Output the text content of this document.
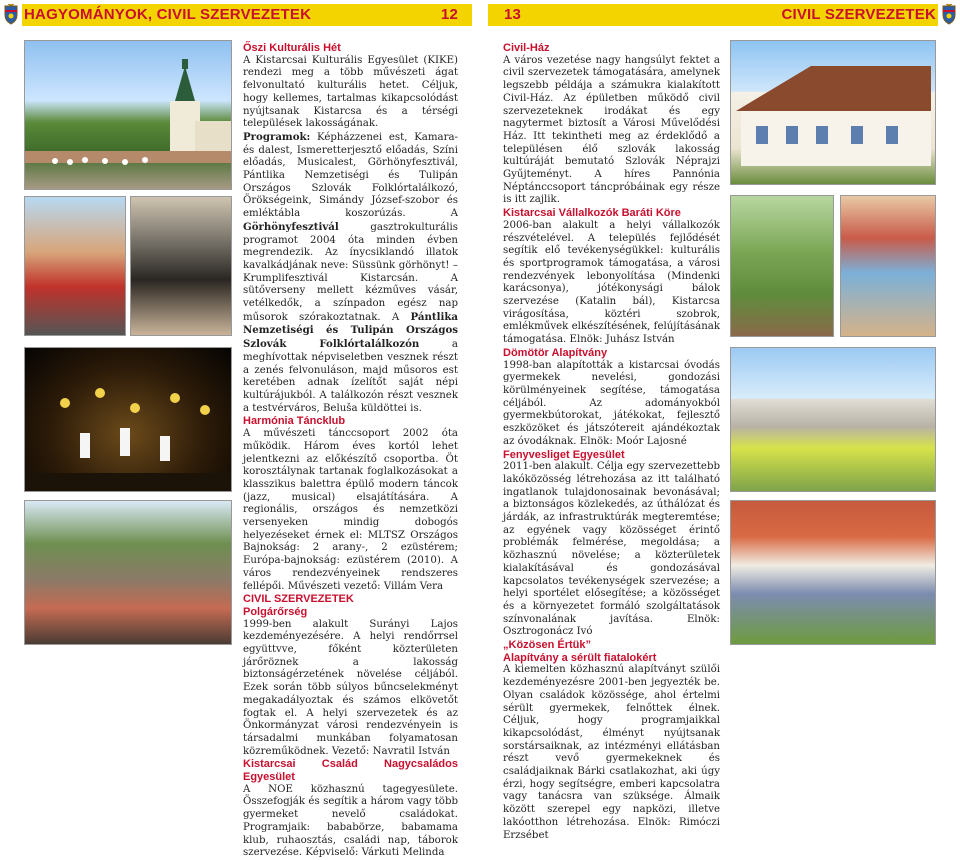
HAGYOMÁNYOK, CIVIL SZERVEZETEK	12	13	CIVIL SZERVEZETEK

Őszi Kulturális Hét

A Kistarcsai Kulturális Egyesület (KIKE) rendezi meg a több művészeti ágat felvonultató kulturális hetet. Céljuk, hogy kellemes, tartalmas kikapcsolódást nyújtsanak Kistarcsa és a térségi települések lakosságának.

Programok: Képházzenei est, Kamara-és dalest, Ismeretterjesztő előadás, Színi előadás, Musicalest, Görhönyfesztivál, Pántlika Nemzetiségi és Tulipán Országos Szlovák Folklórtalálkozó, Örökségeink, Simándy József-szobor és emléktábla koszorúzás. A Görhönyfesztivál gasztrokulturális programot 2004 óta minden évben megrendezik. Az ínycsiklandó illatok kavalkádjának neve: Süssünk görhönyt! – Krumplifesztivál Kistarcsán. A sütőverseny mellett kézműves vásár, vetélkedők, a színpadon egész nap műsorok szórakoztatnak. A Pántlika Nemzetiségi és Tulipán Országos Szlovák Folklórtalálkozón a meghívottak népviseletben vesznek részt a zenés felvonuláson, majd műsoros est keretében adnak ízelítőt saját népi kultúrájukból. A találkozón részt vesznek a testvérváros, Beluša küldöttei is.

Harmónia Táncklub

A művészeti tánccsoport 2002 óta működik. Három éves kortól lehet jelentkezni az előkészítő csoportba. Öt korosztálynak tartanak foglalkozásokat a klasszikus balettra épülő modern táncok (jazz, musical) elsajátítására. A regionális, országos és nemzetközi versenyeken mindig dobogós helyezéseket érnek el: MLTSZ Országos Bajnokság: 2 arany-, 2 ezüstérem; Európa-bajnokság: ezüstérem (2010). A város rendezvényeinek rendszeres fellépői. Művészeti vezető: Villám Vera

CIVIL SZERVEZETEK

Polgárőrség

1999-ben alakult Surányi Lajos kezdeményezésére. A helyi rendőrrsel együttvve, főként közterületen járőröznek a lakosság biztonságérzetének növelése céljából. Ezek során több súlyos bűncselekményt megakadályoztak és számos elkövetőt fogtak el. A helyi szervezetek és az Önkormányzat városi rendezvényein is társadalmi munkában folyamatosan közreműködnek. Vezető: Navratil István

Kistarcsai Család Nagycsaládos Egyesület

A NOE közhasznú tagegyesülete. Összefogják és segítik a három vagy több gyermeket nevelő családokat. Programjaik: bababörze, babamama klub, ruhaosztás, családi nap, táborok szervezése. Képviselő: Várkuti Melinda

Civil-Ház

A város vezetése nagy hangsúlyt fektet a civil szervezetek támogatására, amelynek legszebb példája a számukra kialakított Civil-Ház. Az épületben működő civil szervezeteknek irodákat és egy nagytermet biztosít a Városi Művelődési Ház. Itt tekintheti meg az érdeklődő a településen élő szlovák lakosság kultúráját bemutató Szlovák Néprajzi Gyűjteményt. A híres Pannónia Néptánccsoport táncpróbáinak egy része is itt zajlik.

Kistarcsai Vállalkozók Baráti Köre

2006-ban alakult a helyi vállalkozók részvételével. A település fejlődését segítik elő tevékenységükkel: kulturális és sportprogramok támogatása, a városi rendezvények lebonyolítása (Mindenki karácsonya), jótékonysági bálok szervezése (Katalin bál), Kistarcsa virágosítása, köztéri szobrok, emlékművek elkészítésének, felújításának támogatása. Elnök: Juhász István

Dömötör Alapítvány

1998-ban alapították a kistarcsai óvodás gyermekek nevelési, gondozási körülményeinek segítése, támogatása céljából. Az adományokból gyermekbútorokat, játékokat, fejlesztő eszközöket és játszótereit ajándékoztak az óvodáknak. Elnök: Moór Lajosné

Fenyvesliget Egyesület

2011-ben alakult. Célja egy szervezettebb lakóközösség létrehozása az itt található ingatlanok tulajdonosainak bevonásával; a biztonságos közlekedés, az úthálózat és járdák, az infrastruktúrák megteremtése; az egyének vagy közösséget érintő problémák felmérése, megoldása; a közhasznú növelése; a közterületek kialakításával és gondozásával kapcsolatos tevékenységek szervezése; a helyi sportélet elősegítése; a közösséget és a környezetet formáló szolgáltatások színvonalának javítása. Elnök: Osztrogonácz Ivó

„Közösen Értük”

Alapítvány a sérült fiatalokért

A kiemelten közhasznú alapítványt szülői kezdeményezésre 2001-ben jegyezték be. Olyan családok közössége, ahol értelmi sérült gyermekek, felnőttek élnek. Céljuk, hogy programjaikkal kikapcsolódást, élményt nyújtsanak sorstársaiknak, az intézményi ellátásban részt vevő gyermekeknek és családjaiknak Bárki csatlakozhat, aki úgy érzi, hogy segítségre, emberi kapcsolatra vagy tanácsra van szüksége. Álmaik között szerepel egy napközi, illetve lakóotthon létrehozása. Elnök: Rimóczi Erzsébet
